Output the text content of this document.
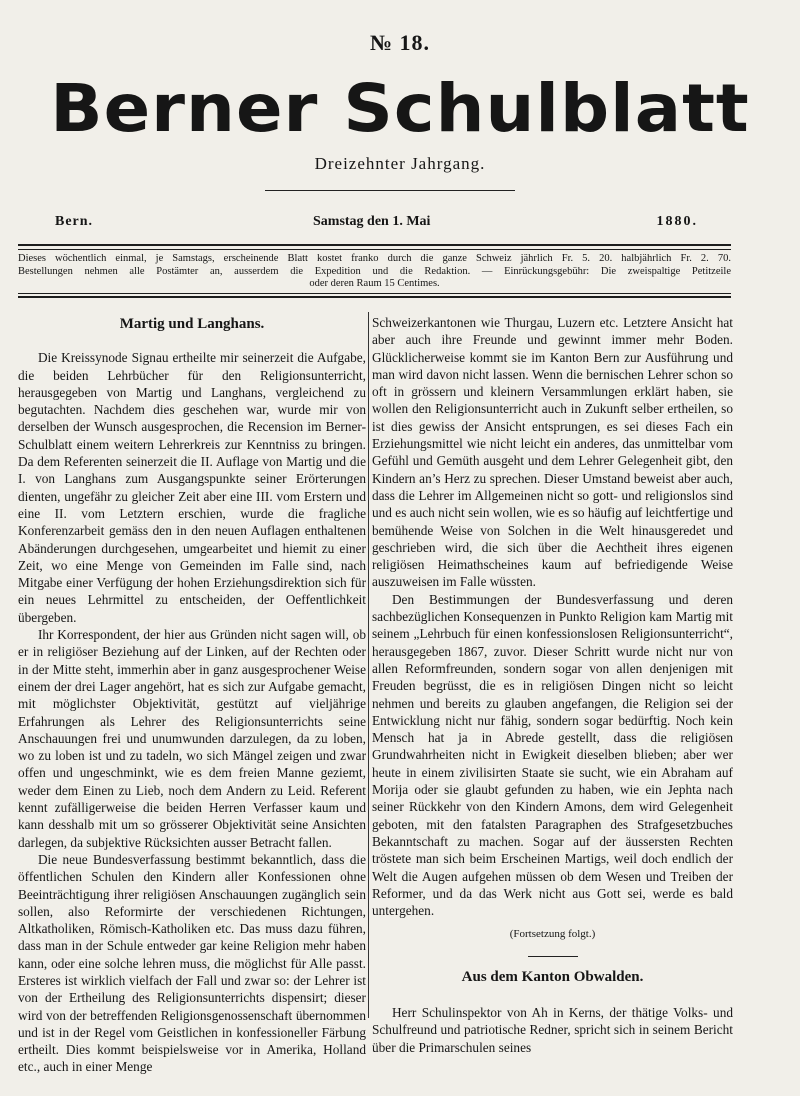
№ 18.
Berner Schulblatt
Dreizehnter Jahrgang.
Bern.	Samstag den 1. Mai	1880.
Dieses wöchentlich einmal, je Samstags, erscheinende Blatt kostet franko durch die ganze Schweiz jährlich Fr. 5. 20. halbjährlich Fr. 2. 70.
Bestellungen nehmen alle Postämter an, ausserdem die Expedition und die Redaktion. — Einrückungsgebühr: Die zweispaltige Petitzeile
oder deren Raum 15 Centimes.

Martig und Langhans.

Die Kreissynode Signau ertheilte mir seinerzeit die Aufgabe, die beiden Lehrbücher für den Religionsunterricht, herausgegeben von Martig und Langhans, vergleichend zu begutachten. Nachdem dies geschehen war, wurde mir von derselben der Wunsch ausgesprochen, die Recension im Berner-Schulblatt einem weitern Lehrerkreis zur Kenntniss zu bringen. Da dem Referenten seinerzeit die II. Auflage von Martig und die I. von Langhans zum Ausgangspunkte seiner Erörterungen dienten, ungefähr zu gleicher Zeit aber eine III. vom Erstern und eine II. vom Letztern erschien, wurde die fragliche Konferenzarbeit gemäss den in den neuen Auflagen enthaltenen Abänderungen durchgesehen, umgearbeitet und hiemit zu einer Zeit, wo eine Menge von Gemeinden im Falle sind, nach Mitgabe einer Verfügung der hohen Erziehungsdirektion sich für ein neues Lehrmittel zu entscheiden, der Oeffentlichkeit übergeben.

Ihr Korrespondent, der hier aus Gründen nicht sagen will, ob er in religiöser Beziehung auf der Linken, auf der Rechten oder in der Mitte steht, immerhin aber in ganz ausgesprochener Weise einem der drei Lager angehört, hat es sich zur Aufgabe gemacht, mit möglichster Objektivität, gestützt auf vieljährige Erfahrungen als Lehrer des Religionsunterrichts seine Anschauungen frei und unumwunden darzulegen, da zu loben, wo zu loben ist und zu tadeln, wo sich Mängel zeigen und zwar offen und ungeschminkt, wie es dem freien Manne geziemt, weder dem Einen zu Lieb, noch dem Andern zu Leid. Referent kennt zufälligerweise die beiden Herren Verfasser kaum und kann desshalb mit um so grösserer Objektivität seine Ansichten darlegen, da subjektive Rücksichten ausser Betracht fallen.

Die neue Bundesverfassung bestimmt bekanntlich, dass die öffentlichen Schulen den Kindern aller Konfessionen ohne Beeinträchtigung ihrer religiösen Anschauungen zugänglich sein sollen, also Reformirte der verschiedenen Richtungen, Altkatholiken, Römisch-Katholiken etc. Das muss dazu führen, dass man in der Schule entweder gar keine Religion mehr haben kann, oder eine solche lehren muss, die möglichst für Alle passt. Ersteres ist wirklich vielfach der Fall und zwar so: der Lehrer ist von der Ertheilung des Religionsunterrichts dispensirt; dieser wird von der betreffenden Religionsgenossenschaft übernommen und ist in der Regel vom Geistlichen in konfessioneller Färbung ertheilt. Dies kommt beispielsweise vor in Amerika, Holland etc., auch in einer Menge

Schweizerkantonen wie Thurgau, Luzern etc. Letztere Ansicht hat aber auch ihre Freunde und gewinnt immer mehr Boden. Glücklicherweise kommt sie im Kanton Bern zur Ausführung und man wird davon nicht lassen. Wenn die bernischen Lehrer schon so oft in grössern und kleinern Versammlungen erklärt haben, sie wollen den Religionsunterricht auch in Zukunft selber ertheilen, so ist dies gewiss der Ansicht entsprungen, es sei dieses Fach ein Erziehungsmittel wie nicht leicht ein anderes, das unmittelbar vom Gefühl und Gemüth ausgeht und dem Lehrer Gelegenheit gibt, den Kindern an’s Herz zu sprechen. Dieser Umstand beweist aber auch, dass die Lehrer im Allgemeinen nicht so gott- und religionslos sind und es auch nicht sein wollen, wie es so häufig auf leichtfertige und bemühende Weise von Solchen in die Welt hinausgeredet und geschrieben wird, die sich über die Aechtheit ihres eigenen religiösen Heimathscheines kaum auf befriedigende Weise auszuweisen im Falle wüssten.

Den Bestimmungen der Bundesverfassung und deren sachbezüglichen Konsequenzen in Punkto Religion kam Martig mit seinem „Lehrbuch für einen konfessionslosen Religionsunterricht“, herausgegeben 1867, zuvor. Dieser Schritt wurde nicht nur von allen Reformfreunden, sondern sogar von allen denjenigen mit Freuden begrüsst, die es in religiösen Dingen nicht so leicht nehmen und bereits zu glauben angefangen, die Religion sei der Entwicklung nicht nur fähig, sondern sogar bedürftig. Noch kein Mensch hat ja in Abrede gestellt, dass die religiösen Grundwahrheiten nicht in Ewigkeit dieselben blieben; aber wer heute in einem zivilisirten Staate sie sucht, wie ein Abraham auf Morija oder sie glaubt gefunden zu haben, wie ein Jephta nach seiner Rückkehr von den Kindern Amons, dem wird Gelegenheit geboten, mit den fatalsten Paragraphen des Strafgesetzbuches Bekanntschaft zu machen. Sogar auf der äussersten Rechten tröstete man sich beim Erscheinen Martigs, weil doch endlich der Welt die Augen aufgehen müssen ob dem Wesen und Treiben der Reformer, und da das Werk nicht aus Gott sei, werde es bald untergehen.

(Fortsetzung folgt.)

Aus dem Kanton Obwalden.

Herr Schulinspektor von Ah in Kerns, der thätige Volks- und Schulfreund und patriotische Redner, spricht sich in seinem Bericht über die Primarschulen seines
